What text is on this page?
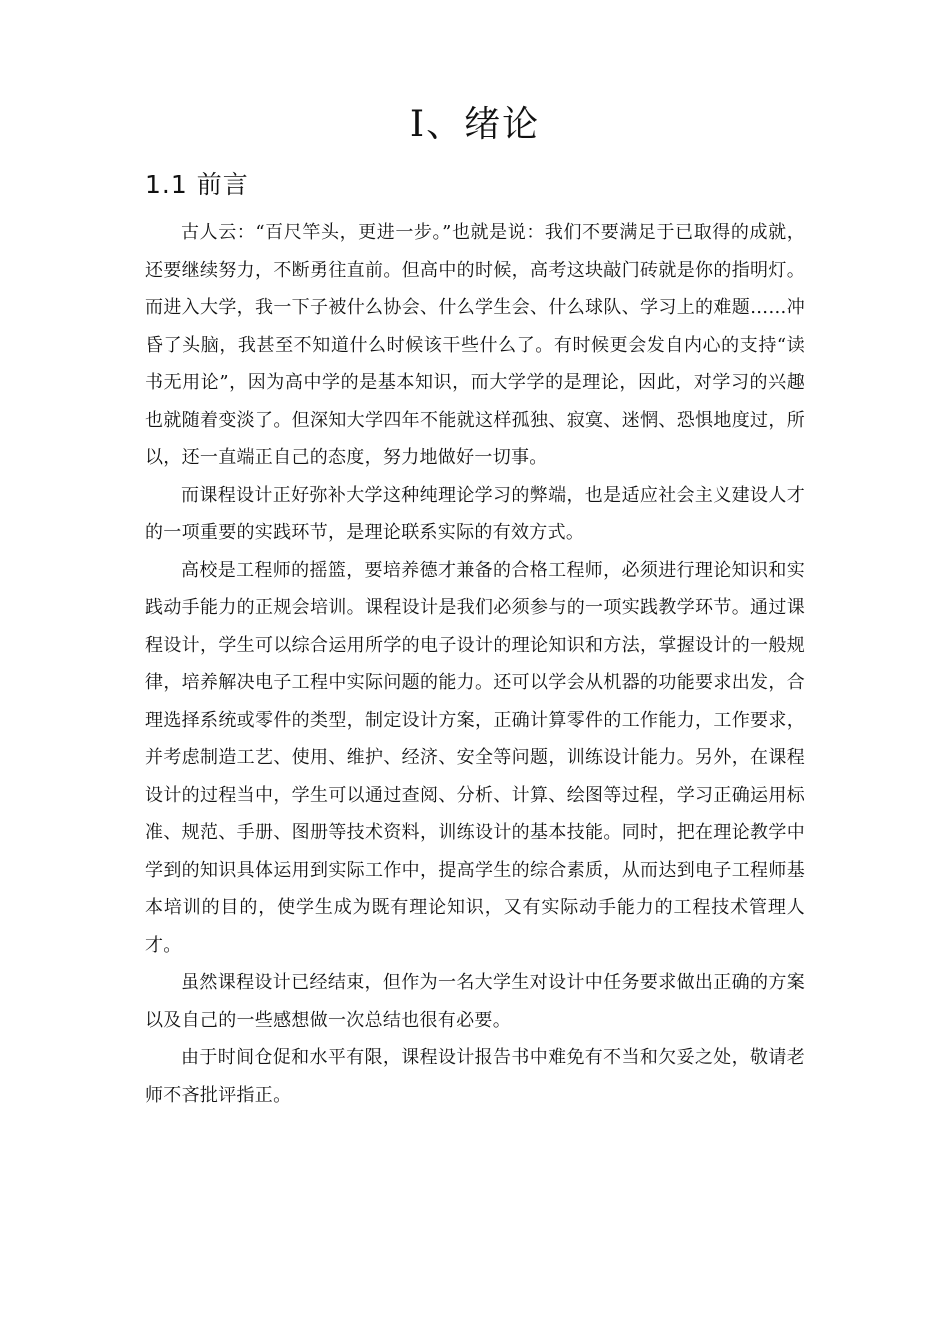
Ⅰ、绪论
1.1 前言

古人云：“百尺竿头，更进一步。”也就是说：我们不要满足于已取得的成就，还要继续努力，不断勇往直前。但高中的时候，高考这块敲门砖就是你的指明灯。而进入大学，我一下子被什么协会、什么学生会、什么球队、学习上的难题……冲昏了头脑，我甚至不知道什么时候该干些什么了。有时候更会发自内心的支持“读书无用论”，因为高中学的是基本知识，而大学学的是理论，因此，对学习的兴趣也就随着变淡了。但深知大学四年不能就这样孤独、寂寞、迷惘、恐惧地度过，所以，还一直端正自己的态度，努力地做好一切事。

而课程设计正好弥补大学这种纯理论学习的弊端，也是适应社会主义建设人才的一项重要的实践环节，是理论联系实际的有效方式。

高校是工程师的摇篮，要培养德才兼备的合格工程师，必须进行理论知识和实践动手能力的正规会培训。课程设计是我们必须参与的一项实践教学环节。通过课程设计，学生可以综合运用所学的电子设计的理论知识和方法，掌握设计的一般规律，培养解决电子工程中实际问题的能力。还可以学会从机器的功能要求出发，合理选择系统或零件的类型，制定设计方案，正确计算零件的工作能力，工作要求，并考虑制造工艺、使用、维护、经济、安全等问题，训练设计能力。另外，在课程设计的过程当中，学生可以通过查阅、分析、计算、绘图等过程，学习正确运用标准、规范、手册、图册等技术资料，训练设计的基本技能。同时，把在理论教学中学到的知识具体运用到实际工作中，提高学生的综合素质，从而达到电子工程师基本培训的目的，使学生成为既有理论知识，又有实际动手能力的工程技术管理人才。

虽然课程设计已经结束，但作为一名大学生对设计中任务要求做出正确的方案以及自己的一些感想做一次总结也很有必要。

由于时间仓促和水平有限，课程设计报告书中难免有不当和欠妥之处，敬请老师不吝批评指正。
